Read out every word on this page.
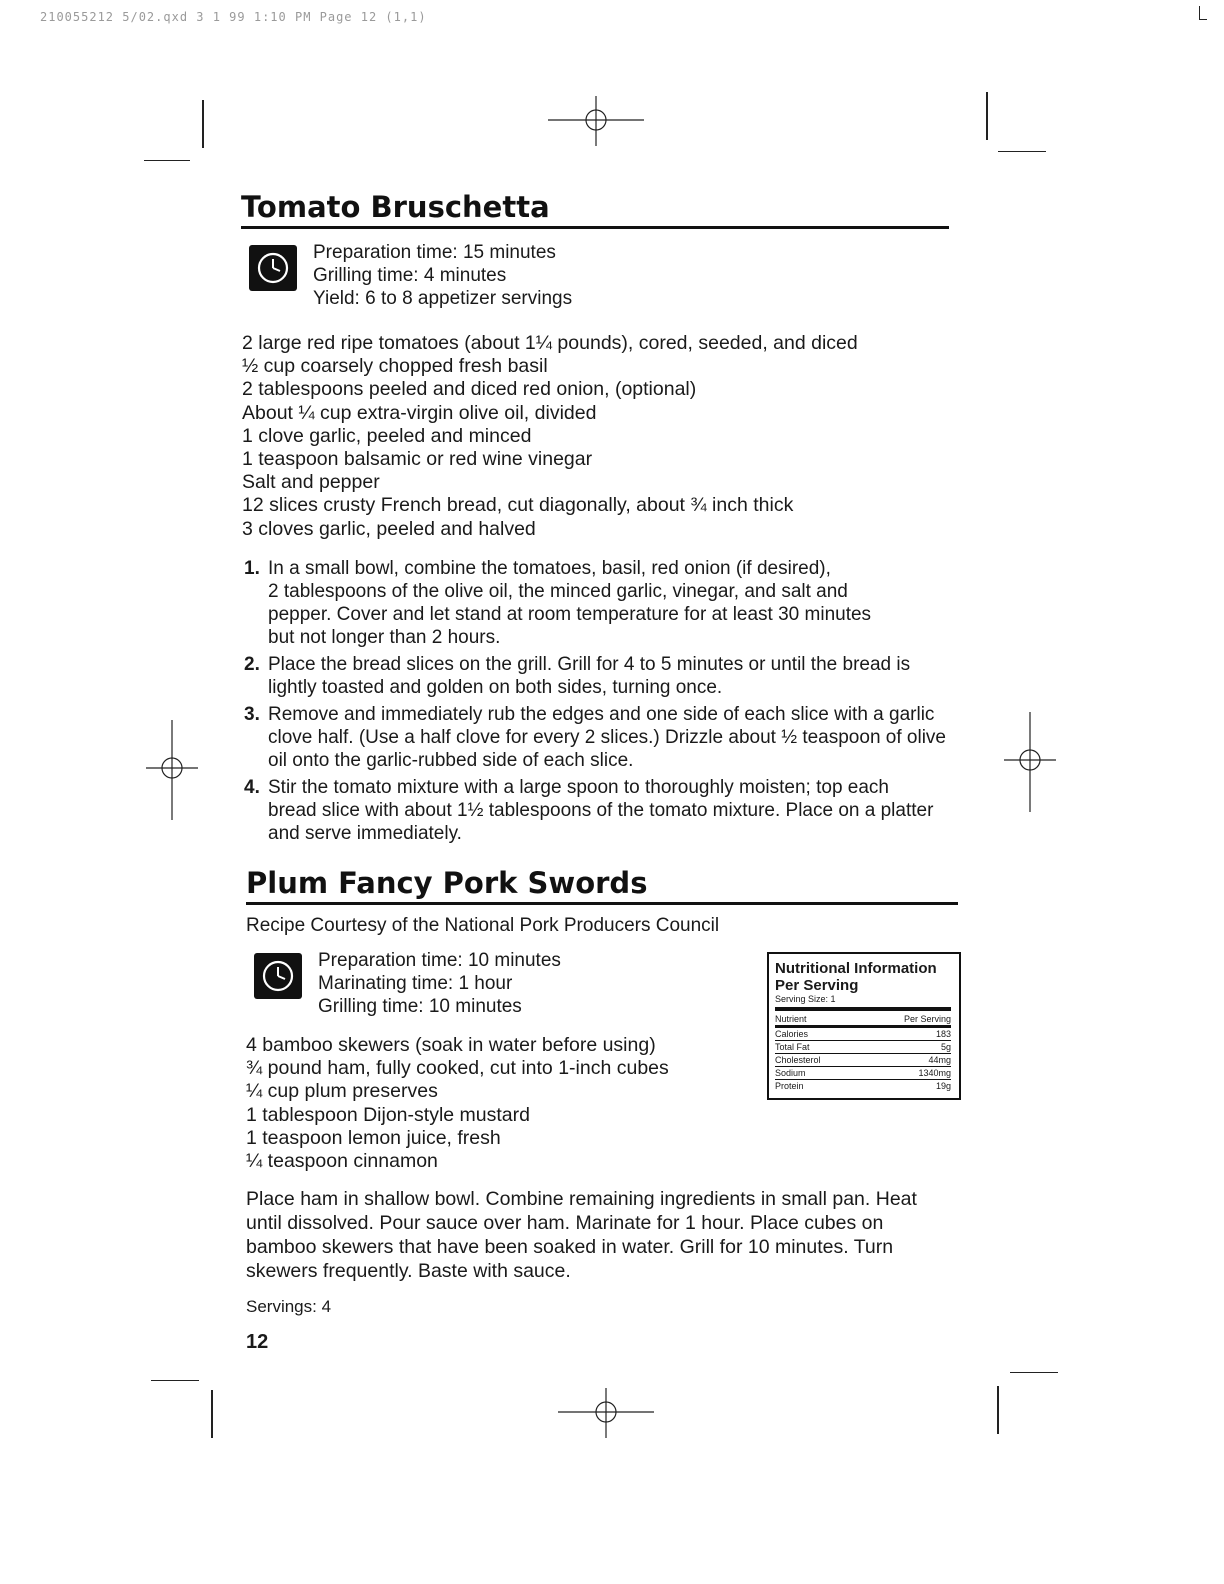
210055212 5/02.qxd 3 1 99 1:10 PM Page 12 (1,1)
Tomato Bruschetta
Preparation time: 15 minutes
Grilling time: 4 minutes
Yield: 6 to 8 appetizer servings
2 large red ripe tomatoes (about 1¼ pounds), cored, seeded, and diced
½ cup coarsely chopped fresh basil
2 tablespoons peeled and diced red onion, (optional)
About ¼ cup extra-virgin olive oil, divided
1 clove garlic, peeled and minced
1 teaspoon balsamic or red wine vinegar
Salt and pepper
12 slices crusty French bread, cut diagonally, about ¾ inch thick
3 cloves garlic, peeled and halved
1. In a small bowl, combine the tomatoes, basil, red onion (if desired),
2 tablespoons of the olive oil, the minced garlic, vinegar, and salt and
pepper. Cover and let stand at room temperature for at least 30 minutes
but not longer than 2 hours.
2. Place the bread slices on the grill. Grill for 4 to 5 minutes or until the bread is
lightly toasted and golden on both sides, turning once.
3. Remove and immediately rub the edges and one side of each slice with a garlic
clove half. (Use a half clove for every 2 slices.) Drizzle about ½ teaspoon of olive
oil onto the garlic-rubbed side of each slice.
4. Stir the tomato mixture with a large spoon to thoroughly moisten; top each
bread slice with about 1½ tablespoons of the tomato mixture. Place on a platter
and serve immediately.
Plum Fancy Pork Swords
Recipe Courtesy of the National Pork Producers Council
Preparation time: 10 minutes
Marinating time: 1 hour
Grilling time: 10 minutes
4 bamboo skewers (soak in water before using)
¾ pound ham, fully cooked, cut into 1-inch cubes
¼ cup plum preserves
1 tablespoon Dijon-style mustard
1 teaspoon lemon juice, fresh
¼ teaspoon cinnamon
Place ham in shallow bowl. Combine remaining ingredients in small pan. Heat
until dissolved. Pour sauce over ham. Marinate for 1 hour. Place cubes on
bamboo skewers that have been soaked in water. Grill for 10 minutes. Turn
skewers frequently. Baste with sauce.
Servings: 4
12
Nutritional Information
Per Serving
Serving Size: 1
Nutrient	Per Serving
Calories	183
Total Fat	5g
Cholesterol	44mg
Sodium	1340mg
Protein	19g
